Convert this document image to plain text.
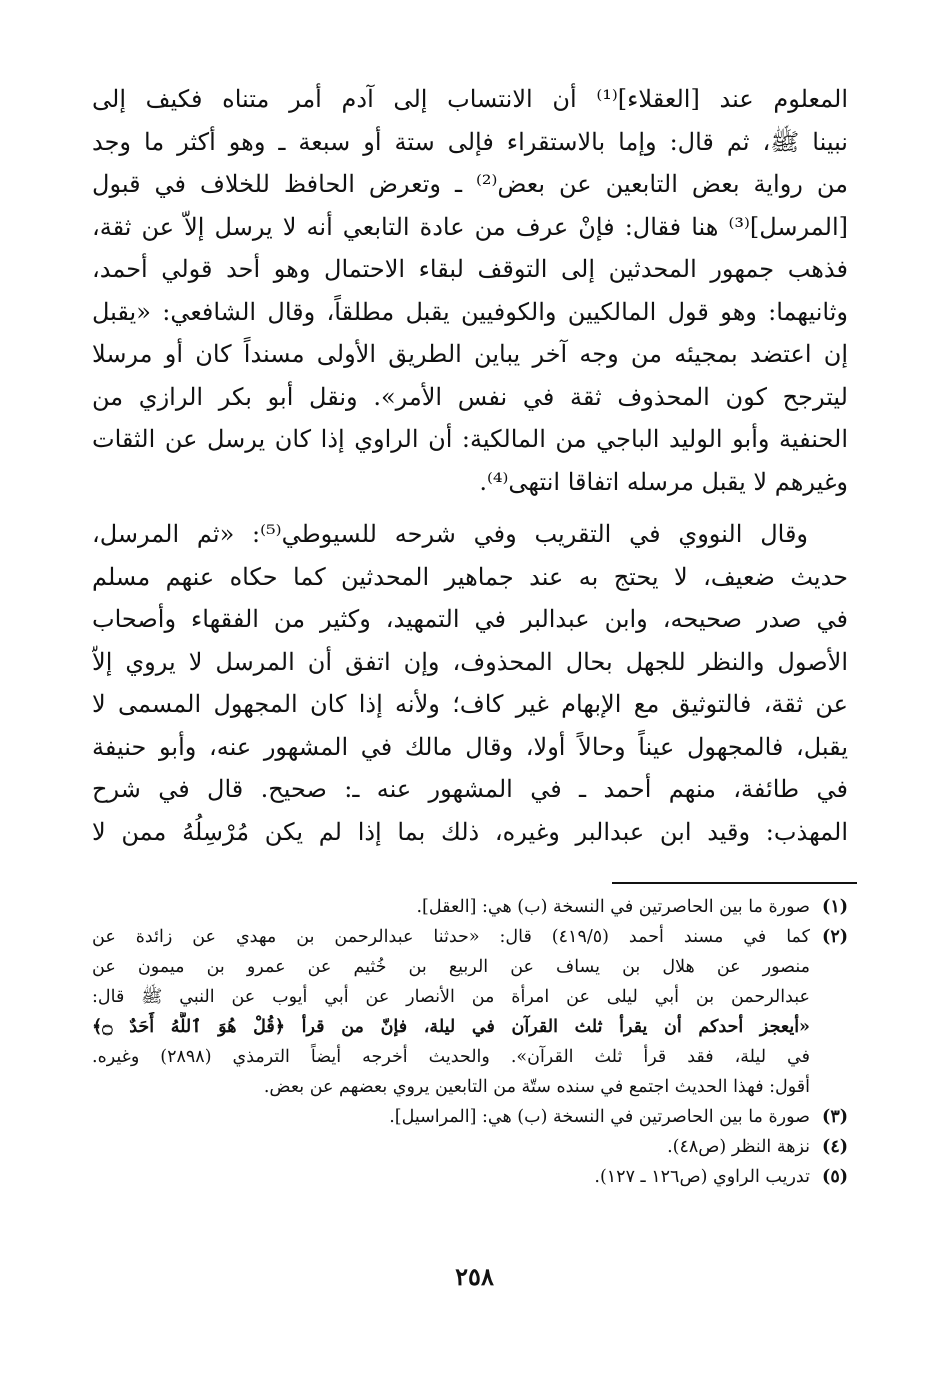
المعلوم عند [العقلاء]⁽¹⁾ أن الانتساب إلى آدم أمر متناه فكيف إلى
نبينا ﷺ، ثم قال: وإما بالاستقراء فإلى ستة أو سبعة ـ وهو أكثر ما وجد
من رواية بعض التابعين عن بعض⁽²⁾ ـ وتعرض الحافظ للخلاف في قبول
[المرسل]⁽³⁾ هنا فقال: فإنْ عرف من عادة التابعي أنه لا يرسل إلاّ عن ثقة،
فذهب جمهور المحدثين إلى التوقف لبقاء الاحتمال وهو أحد قولي أحمد،
وثانيهما: وهو قول المالكيين والكوفيين يقبل مطلقاً، وقال الشافعي: «يقبل
إن اعتضد بمجيئه من وجه آخر يباين الطريق الأولى مسنداً كان أو مرسلا
ليترجح كون المحذوف ثقة في نفس الأمر». ونقل أبو بكر الرازي من
الحنفية وأبو الوليد الباجي من المالكية: أن الراوي إذا كان يرسل عن الثقات
وغيرهم لا يقبل مرسله اتفاقا انتهى⁽⁴⁾.
وقال النووي في التقريب وفي شرحه للسيوطي⁽⁵⁾: «ثم المرسل،
حديث ضعيف، لا يحتج به عند جماهير المحدثين كما حكاه عنهم مسلم
في صدر صحيحه، وابن عبدالبر في التمهيد، وكثير من الفقهاء وأصحاب
الأصول والنظر للجهل بحال المحذوف، وإن اتفق أن المرسل لا يروي إلاّ
عن ثقة، فالتوثيق مع الإبهام غير كاف؛ ولأنه إذا كان المجهول المسمى لا
يقبل، فالمجهول عيناً وحالاً أولا، وقال مالك في المشهور عنه، وأبو حنيفة
في طائفة، منهم أحمد ـ في المشهور عنه ـ: صحيح. قال في شرح
المهذب: وقيد ابن عبدالبر وغيره، ذلك بما إذا لم يكن مُرْسِلُهُ ممن لا
(١)
صورة ما بين الحاصرتين في النسخة (ب) هي: [العقل].
(٢)
كما في مسند أحمد (٤١٩/٥) قال: «حدثنا عبدالرحمن بن مهدي عن زائدة عن
منصور عن هلال بن يساف عن الربيع بن خُثيم عن عمرو بن ميمون عن
عبدالرحمن بن أبي ليلى عن امرأة من الأنصار عن أبي أيوب عن النبي ﷺ قال:
«أيعجز أحدكم أن يقرأ ثلث القرآن في ليلة، فإنّ من قرأ ﴿قُلْ هُوَ ٱللَّهُ أَحَدٌ ۝﴾
في ليلة، فقد قرأ ثلث القرآن». والحديث أخرجه أيضاً الترمذي (٢٨٩٨) وغيره.
أقول: فهذا الحديث اجتمع في سنده ستّة من التابعين يروي بعضهم عن بعض.
(٣)
صورة ما بين الحاصرتين في النسخة (ب) هي: [المراسيل].
(٤)
نزهة النظر (ص٤٨).
(٥)
تدريب الراوي (ص١٢٦ ـ ١٢٧).
٢٥٨
